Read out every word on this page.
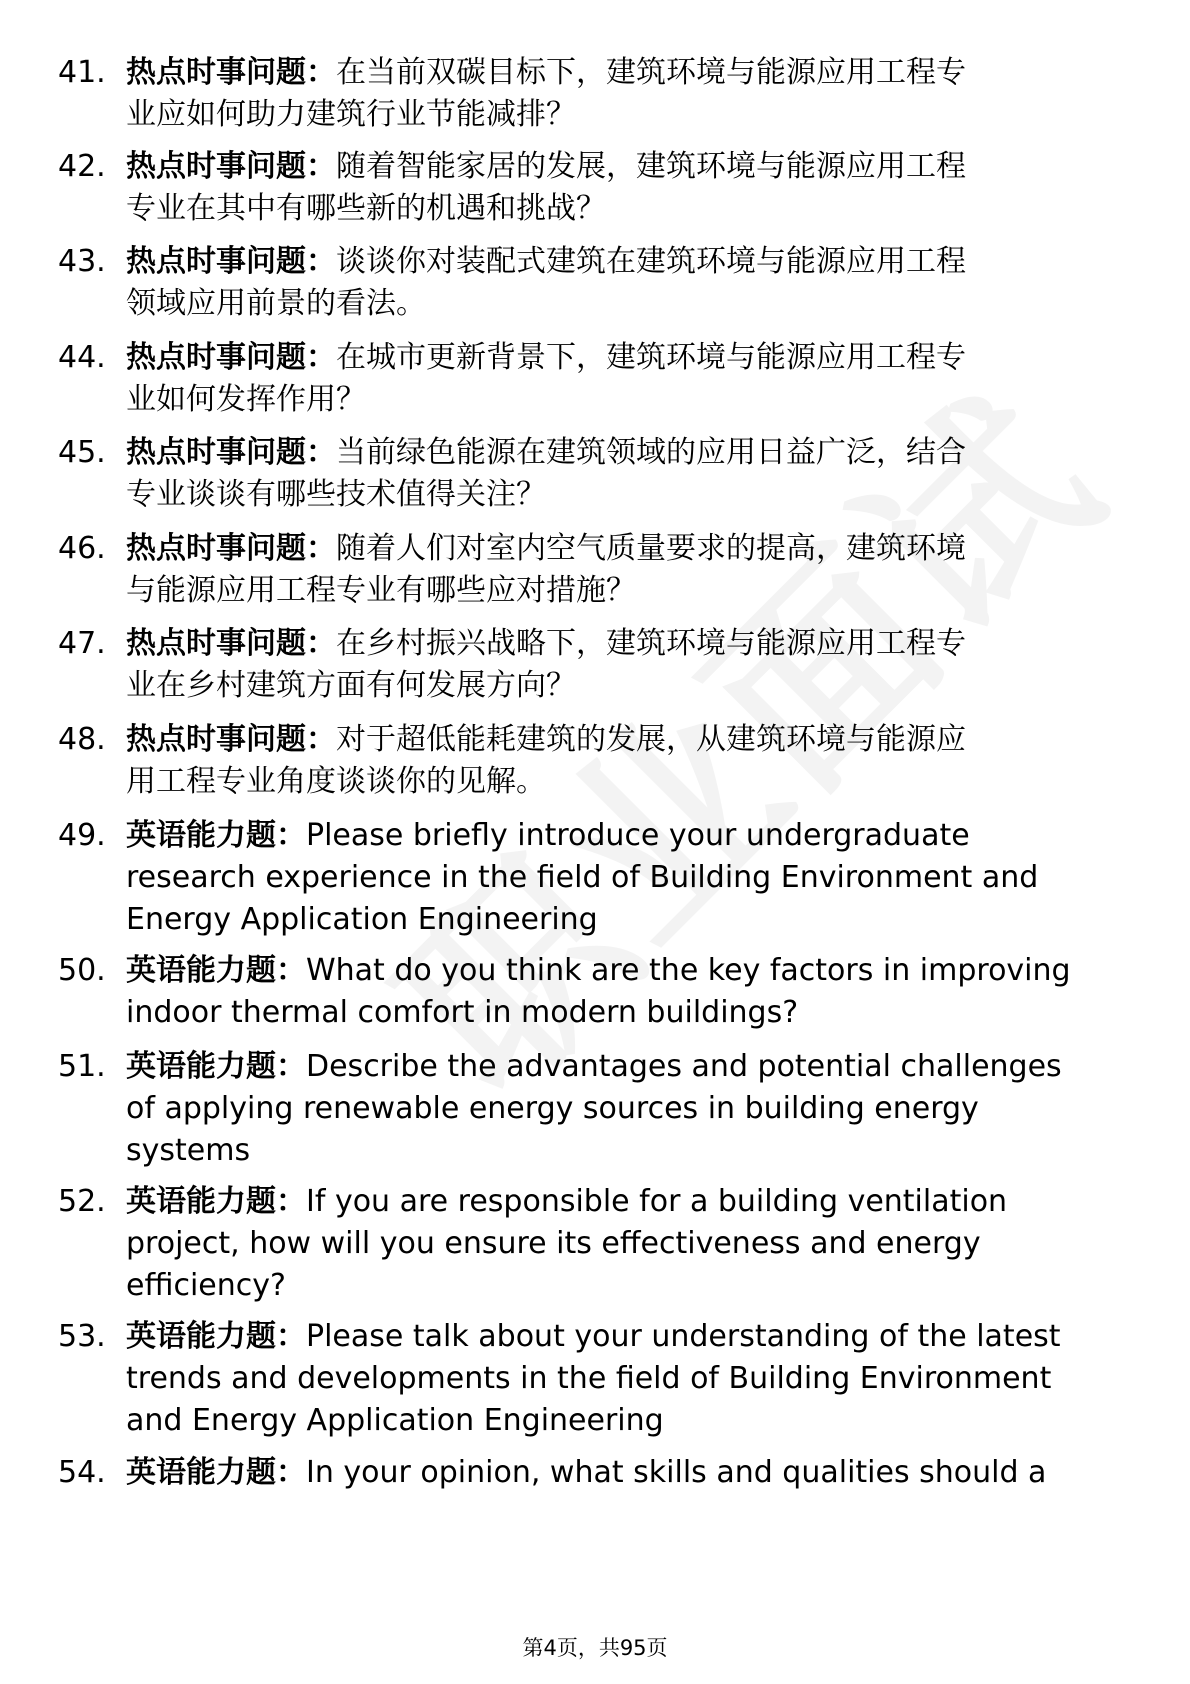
41. 热点时事问题：在当前双碳目标下，建筑环境与能源应用工程专
业应如何助力建筑行业节能减排？
42. 热点时事问题：随着智能家居的发展，建筑环境与能源应用工程
专业在其中有哪些新的机遇和挑战？
43. 热点时事问题：谈谈你对装配式建筑在建筑环境与能源应用工程
领域应用前景的看法。
44. 热点时事问题：在城市更新背景下，建筑环境与能源应用工程专
业如何发挥作用？
45. 热点时事问题：当前绿色能源在建筑领域的应用日益广泛，结合
专业谈谈有哪些技术值得关注？
46. 热点时事问题：随着人们对室内空气质量要求的提高，建筑环境
与能源应用工程专业有哪些应对措施？
47. 热点时事问题：在乡村振兴战略下，建筑环境与能源应用工程专
业在乡村建筑方面有何发展方向？
48. 热点时事问题：对于超低能耗建筑的发展，从建筑环境与能源应
用工程专业角度谈谈你的见解。
49. 英语能力题：Please briefly introduce your undergraduate
research experience in the field of Building Environment and
Energy Application Engineering
50. 英语能力题：What do you think are the key factors in improving
indoor thermal comfort in modern buildings?
51. 英语能力题：Describe the advantages and potential challenges
of applying renewable energy sources in building energy
systems
52. 英语能力题：If you are responsible for a building ventilation
project, how will you ensure its effectiveness and energy
efficiency?
53. 英语能力题：Please talk about your understanding of the latest
trends and developments in the field of Building Environment
and Energy Application Engineering
54. 英语能力题：In your opinion, what skills and qualities should a
第4页，共95页
